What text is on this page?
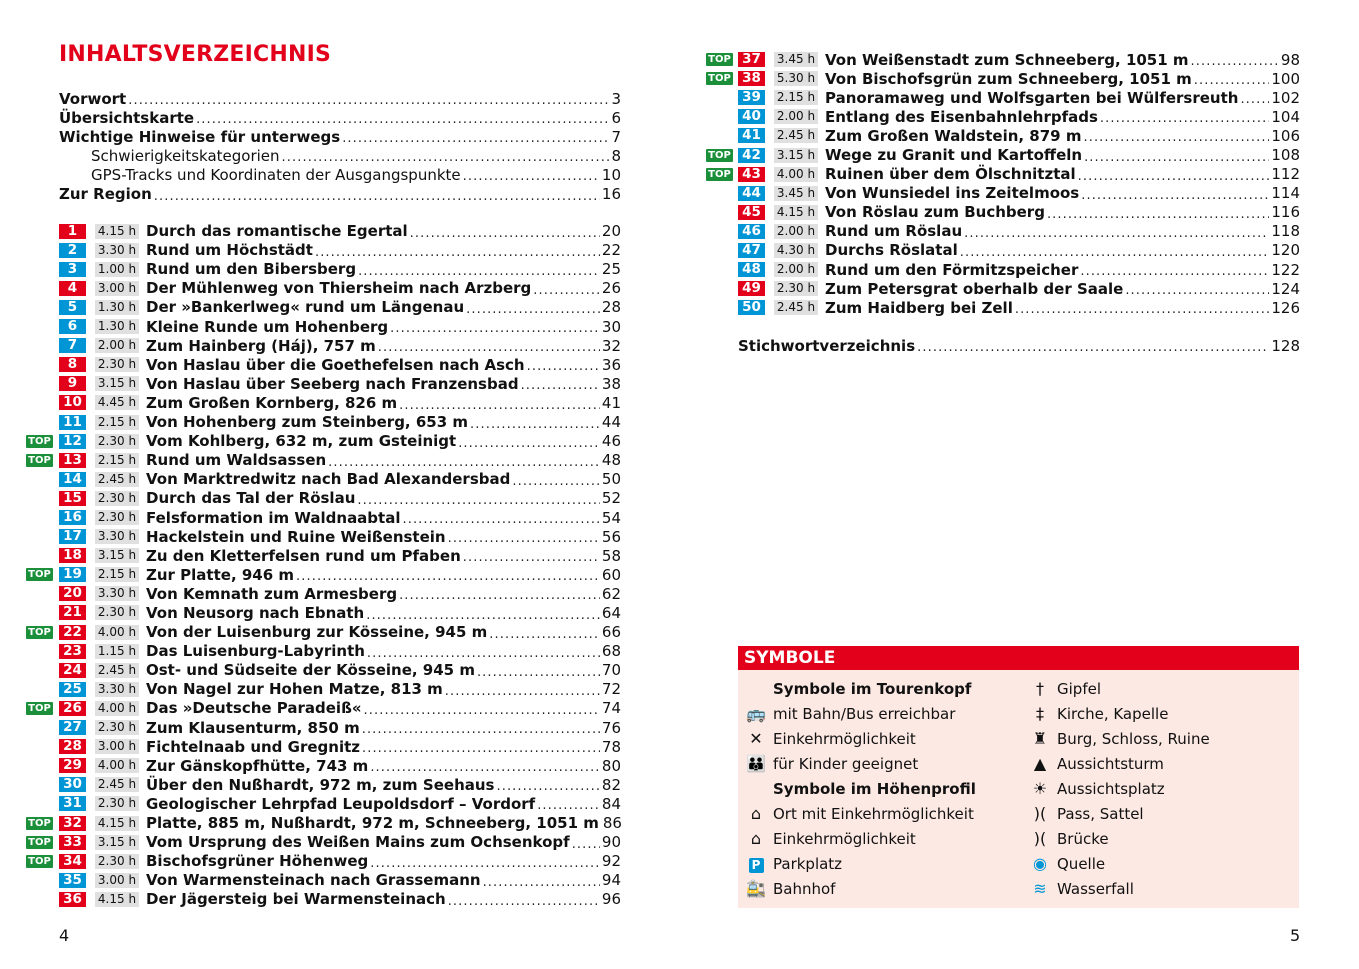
INHALTSVERZEICHNIS
Vorwort .....	3
Übersichtskarte .....	6
Wichtige Hinweise für unterwegs .....	7
Schwierigkeitskategorien .....	8
GPS-Tracks und Koordinaten der Ausgangspunkte .....	10
Zur Region .....	16
1	4.15 h Durch das romantische Egertal .....	20
2	3.30 h Rund um Höchstädt .....	22
3	1.00 h Rund um den Bibersberg .....	25
4	3.00 h Der Mühlenweg von Thiersheim nach Arzberg .....	26
5	1.30 h Der »Bankerlweg« rund um Längenau .....	28
6	1.30 h Kleine Runde um Hohenberg .....	30
7	2.00 h Zum Hainberg (Háj), 757 m .....	32
8	2.30 h Von Haslau über die Goethefelsen nach Asch .....	36
9	3.15 h Von Haslau über Seeberg nach Franzensbad .....	38
10	4.45 h Zum Großen Kornberg, 826 m .....	41
11	2.15 h Von Hohenberg zum Steinberg, 653 m .....	44
TOP 12	2.30 h Vom Kohlberg, 632 m, zum Gsteinigt .....	46
TOP 13	2.15 h Rund um Waldsassen .....	48
14	2.45 h Von Marktredwitz nach Bad Alexandersbad .....	50
15	2.30 h Durch das Tal der Röslau .....	52
16	2.30 h Felsformation im Waldnaabtal .....	54
17	3.30 h Hackelstein und Ruine Weißenstein .....	56
18	3.15 h Zu den Kletterfelsen rund um Pfaben .....	58
TOP 19	2.15 h Zur Platte, 946 m .....	60
20	3.30 h Von Kemnath zum Armesberg .....	62
21	2.30 h Von Neusorg nach Ebnath .....	64
TOP 22	4.00 h Von der Luisenburg zur Kösseine, 945 m .....	66
23	1.15 h Das Luisenburg-Labyrinth .....	68
24	2.45 h Ost- und Südseite der Kösseine, 945 m .....	70
25	3.30 h Von Nagel zur Hohen Matze, 813 m .....	72
TOP 26	4.00 h Das »Deutsche Paradeiß« .....	74
27	2.30 h Zum Klausenturm, 850 m .....	76
28	3.00 h Fichtelnaab und Gregnitz .....	78
29	4.00 h Zur Gänskopfhütte, 743 m .....	80
30	2.45 h Über den Nußhardt, 972 m, zum Seehaus .....	82
31	2.30 h Geologischer Lehrpfad Leupoldsdorf – Vordorf .....	84
TOP 32	4.15 h Platte, 885 m, Nußhardt, 972 m, Schneeberg, 1051 m 86
TOP 33	3.15 h Vom Ursprung des Weißen Mains zum Ochsenkopf ..... 90
TOP 34	2.30 h Bischofsgrüner Höhenweg .....	92
35	3.00 h Von Warmensteinach nach Grassemann .....	94
36	4.15 h Der Jägersteig bei Warmensteinach .....	96
TOP 37	3.45 h Von Weißenstadt zum Schneeberg, 1051 m .....	98
TOP 38	5.30 h Von Bischofsgrün zum Schneeberg, 1051 m .....	100
39	2.15 h Panoramaweg und Wolfsgarten bei Wülfersreuth ..... 102
40	2.00 h Entlang des Eisenbahnlehrpfads .....	104
41	2.45 h Zum Großen Waldstein, 879 m .....	106
TOP 42	3.15 h Wege zu Granit und Kartoffeln .....	108
TOP 43	4.00 h Ruinen über dem Ölschnitztal .....	112
44	3.45 h Von Wunsiedel ins Zeitelmoos .....	114
45	4.15 h Von Röslau zum Buchberg .....	116
46	2.00 h Rund um Röslau .....	118
47	4.30 h Durchs Röslatal .....	120
48	2.00 h Rund um den Förmitzspeicher .....	122
49	2.30 h Zum Petersgrat oberhalb der Saale .....	124
50	2.45 h Zum Haidberg bei Zell .....	126
Stichwortverzeichnis .....	128
SYMBOLE
Symbole im Tourenkopf
🚌 mit Bahn/Bus erreichbar
✕ Einkehrmöglichkeit
👪 für Kinder geeignet
Symbole im Höhenprofil
⌂ Ort mit Einkehrmöglichkeit
⌂ Einkehrmöglichkeit
P Parkplatz
🚉 Bahnhof
† Gipfel
‡ Kirche, Kapelle
♜ Burg, Schloss, Ruine
▲ Aussichtsturm
☀ Aussichtsplatz
)( Pass, Sattel
)( Brücke
◉ Quelle
≋ Wasserfall
4	5
